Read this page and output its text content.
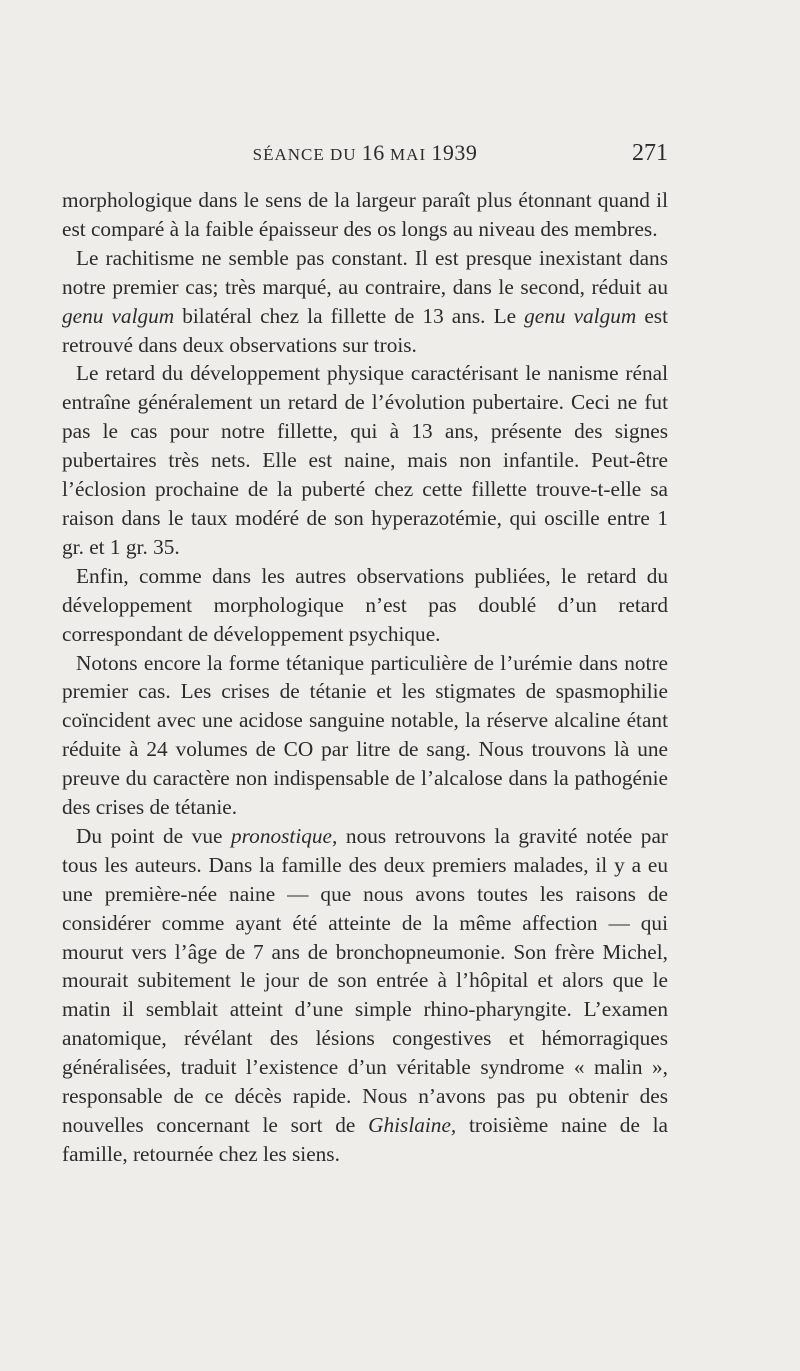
SÉANCE DU 16 MAI 1939	271

morphologique dans le sens de la largeur paraît plus étonnant quand il est comparé à la faible épaisseur des os longs au niveau des membres.

Le rachitisme ne semble pas constant. Il est presque inexistant dans notre premier cas; très marqué, au contraire, dans le second, réduit au genu valgum bilatéral chez la fillette de 13 ans. Le genu valgum est retrouvé dans deux observations sur trois.

Le retard du développement physique caractérisant le nanisme rénal entraîne généralement un retard de l’évolution pubertaire. Ceci ne fut pas le cas pour notre fillette, qui à 13 ans, présente des signes pubertaires très nets. Elle est naine, mais non infantile. Peut-être l’éclosion prochaine de la puberté chez cette fillette trouve-t-elle sa raison dans le taux modéré de son hyperazotémie, qui oscille entre 1 gr. et 1 gr. 35.

Enfin, comme dans les autres observations publiées, le retard du développement morphologique n’est pas doublé d’un retard correspondant de développement psychique.

Notons encore la forme tétanique particulière de l’urémie dans notre premier cas. Les crises de tétanie et les stigmates de spasmophilie coïncident avec une acidose sanguine notable, la réserve alcaline étant réduite à 24 volumes de CO par litre de sang. Nous trouvons là une preuve du caractère non indispensable de l’alcalose dans la pathogénie des crises de tétanie.

Du point de vue pronostique, nous retrouvons la gravité notée par tous les auteurs. Dans la famille des deux premiers malades, il y a eu une première-née naine — que nous avons toutes les raisons de considérer comme ayant été atteinte de la même affection — qui mourut vers l’âge de 7 ans de bronchopneumonie. Son frère Michel, mourait subitement le jour de son entrée à l’hôpital et alors que le matin il semblait atteint d’une simple rhino-pharyngite. L’examen anatomique, révélant des lésions congestives et hémorragiques généralisées, traduit l’existence d’un véritable syndrome « malin », responsable de ce décès rapide. Nous n’avons pas pu obtenir des nouvelles concernant le sort de Ghislaine, troisième naine de la famille, retournée chez les siens.
